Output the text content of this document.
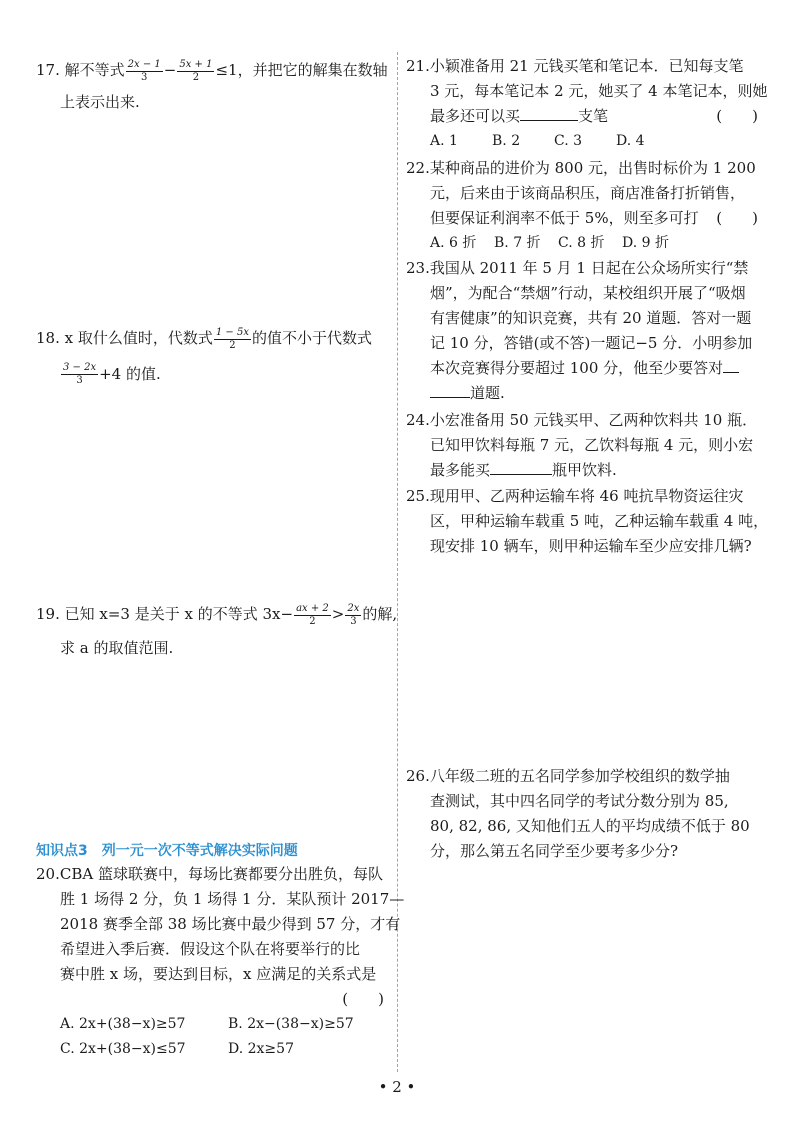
17. 解不等式 $\frac{2x - 1}{3} - \frac{5x + 1}{2} \le 1$，并把它的解集在数轴
上表示出来.
18. x 取什么值时，代数式 $\frac{1 - 5x}{2}$ 的值不小于代数式
$\frac{3 - 2x}{3} +4$ 的值.
19. 已知 x=3 是关于 x 的不等式 $3x- \frac{ax + 2}{2} > \frac{2x}{3}$ 的解,
求 a 的取值范围.
知识点3　列一元一次不等式解决实际问题
20.CBA 篮球联赛中，每场比赛都要分出胜负，每队
胜 1 场得 2 分，负 1 场得 1 分．某队预计 2017—
2018 赛季全部 38 场比赛中最少得到 57 分，才有
希望进入季后赛．假设这个队在将要举行的比
赛中胜 x 场，要达到目标，x 应满足的关系式是
(　　)
A. 2x+(38−x)≥57	B. 2x−(38−x)≥57
C. 2x+(38−x)≤57	D. 2x≥57
21.小颖准备用 21 元钱买笔和笔记本．已知每支笔
3 元，每本笔记本 2 元，她买了 4 本笔记本，则她
最多还可以买	支笔	(　　)
A. 1 B. 2 C. 3 D. 4
22.某种商品的进价为 800 元，出售时标价为 1 200
元，后来由于该商品积压，商店准备打折销售，
但要保证利润率不低于 5%，则至多可打 (　　)
A. 6 折 B. 7 折 C. 8 折 D. 9 折
23.我国从 2011 年 5 月 1 日起在公众场所实行“禁
烟”，为配合“禁烟”行动，某校组织开展了“吸烟
有害健康”的知识竞赛，共有 20 道题．答对一题
记 10 分，答错(或不答)一题记−5 分．小明参加
本次竞赛得分要超过 100 分，他至少要答对
道题.
24.小宏准备用 50 元钱买甲、乙两种饮料共 10 瓶．
已知甲饮料每瓶 7 元，乙饮料每瓶 4 元，则小宏
最多能买	瓶甲饮料.
25.现用甲、乙两种运输车将 46 吨抗旱物资运往灾
区，甲种运输车载重 5 吨，乙种运输车载重 4 吨，
现安排 10 辆车，则甲种运输车至少应安排几辆?
26.八年级二班的五名同学参加学校组织的数学抽
查测试，其中四名同学的考试分数分别为 85,
80, 82, 86, 又知他们五人的平均成绩不低于 80
分，那么第五名同学至少要考多少分?
• 2 •
